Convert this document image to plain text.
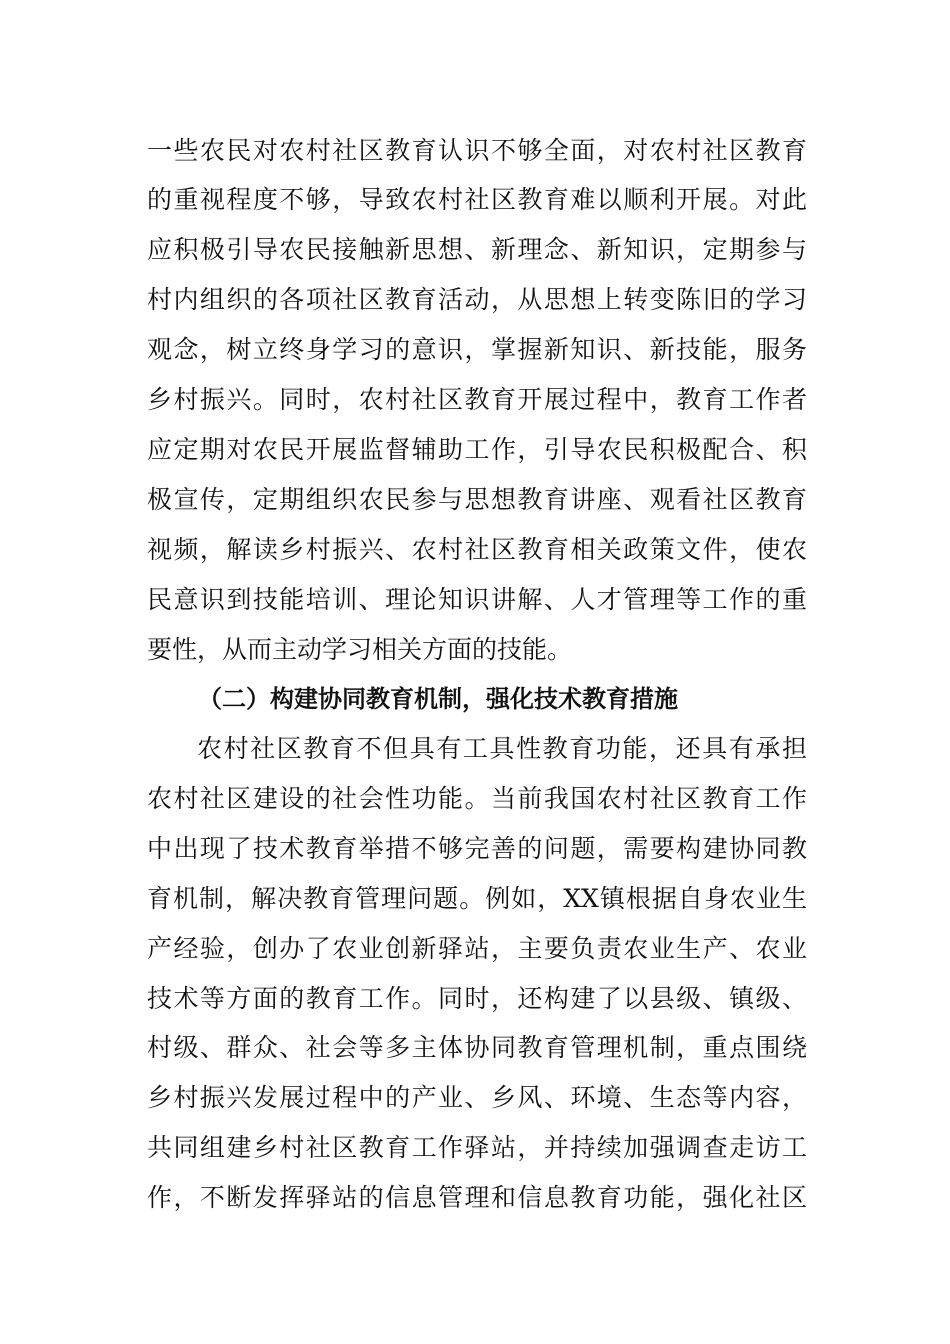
一些农民对农村社区教育认识不够全面，对农村社区教育
的重视程度不够，导致农村社区教育难以顺利开展。对此
应积极引导农民接触新思想、新理念、新知识，定期参与
村内组织的各项社区教育活动，从思想上转变陈旧的学习
观念，树立终身学习的意识，掌握新知识、新技能，服务
乡村振兴。同时，农村社区教育开展过程中，教育工作者
应定期对农民开展监督辅助工作，引导农民积极配合、积
极宣传，定期组织农民参与思想教育讲座、观看社区教育
视频，解读乡村振兴、农村社区教育相关政策文件，使农
民意识到技能培训、理论知识讲解、人才管理等工作的重
要性，从而主动学习相关方面的技能。
（二）构建协同教育机制，强化技术教育措施
农村社区教育不但具有工具性教育功能，还具有承担
农村社区建设的社会性功能。当前我国农村社区教育工作
中出现了技术教育举措不够完善的问题，需要构建协同教
育机制，解决教育管理问题。例如，XX镇根据自身农业生
产经验，创办了农业创新驿站，主要负责农业生产、农业
技术等方面的教育工作。同时，还构建了以县级、镇级、
村级、群众、社会等多主体协同教育管理机制，重点围绕
乡村振兴发展过程中的产业、乡风、环境、生态等内容，
共同组建乡村社区教育工作驿站，并持续加强调查走访工
作，不断发挥驿站的信息管理和信息教育功能，强化社区
